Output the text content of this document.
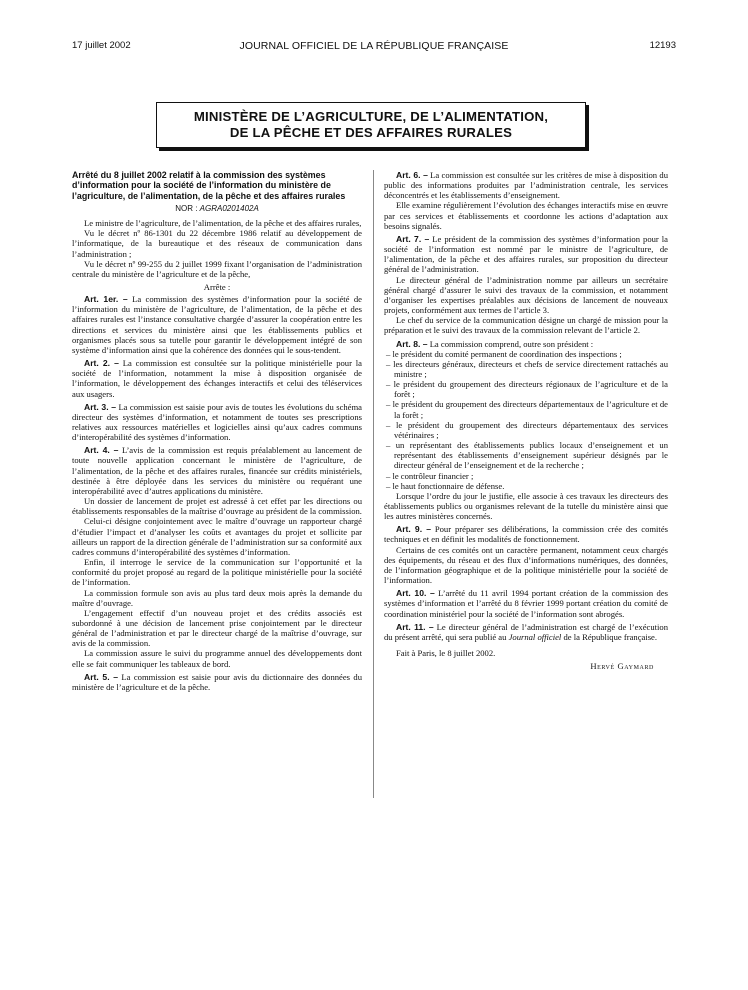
17 juillet 2002	JOURNAL OFFICIEL DE LA RÉPUBLIQUE FRANÇAISE	12193
MINISTÈRE DE L’AGRICULTURE, DE L’ALIMENTATION,
DE LA PÊCHE ET DES AFFAIRES RURALES
Arrêté du 8 juillet 2002 relatif à la commission des systèmes d’information pour la société de l’information du ministère de l’agriculture, de l’alimentation, de la pêche et des affaires rurales
NOR : AGRA0201402A

Le ministre de l’agriculture, de l’alimentation, de la pêche et des affaires rurales,

Vu le décret nº 86-1301 du 22 décembre 1986 relatif au développement de l’informatique, de la bureautique et des réseaux de communication dans l’administration ;

Vu le décret nº 99-255 du 2 juillet 1999 fixant l’organisation de l’administration centrale du ministère de l’agriculture et de la pêche,

Arrête :

Art. 1er. – La commission des systèmes d’information pour la société de l’information du ministère de l’agriculture, de l’alimentation, de la pêche et des affaires rurales est l’instance consultative chargée d’assurer la coopération entre les directions et services du ministère ainsi que les établissements publics et organismes placés sous sa tutelle pour garantir le développement intégré de son système d’information ainsi que la cohérence des données qui le sous-tendent.

Art. 2. – La commission est consultée sur la politique ministérielle pour la société de l’information, notamment la mise à disposition organisée de l’information, le développement des échanges interactifs et celui des téléservices aux usagers.

Art. 3. – La commission est saisie pour avis de toutes les évolutions du schéma directeur des systèmes d’information, et notamment de toutes ses prescriptions relatives aux ressources matérielles et logicielles ainsi qu’aux cadres communs d’interopérabilité des systèmes d’information.

Art. 4. – L’avis de la commission est requis préalablement au lancement de toute nouvelle application concernant le ministère de l’agriculture, de l’alimentation, de la pêche et des affaires rurales, financée sur crédits ministériels, destinée à être déployée dans les services du ministère ou requérant une interopérabilité avec d’autres applications du ministère.

Un dossier de lancement de projet est adressé à cet effet par les directions ou établissements responsables de la maîtrise d’ouvrage au président de la commission.

Celui-ci désigne conjointement avec le maître d’ouvrage un rapporteur chargé d’étudier l’impact et d’analyser les coûts et avantages du projet et sollicite par ailleurs un rapport de la direction générale de l’administration sur sa conformité aux cadres communs d’interopérabilité des systèmes d’information.

Enfin, il interroge le service de la communication sur l’opportunité et la conformité du projet proposé au regard de la politique ministérielle pour la société de l’information.

La commission formule son avis au plus tard deux mois après la demande du maître d’ouvrage.

L’engagement effectif d’un nouveau projet et des crédits associés est subordonné à une décision de lancement prise conjointement par le directeur général de l’administration et par le directeur chargé de la maîtrise d’ouvrage, sur avis de la commission.

La commission assure le suivi du programme annuel des développements dont elle se fait communiquer les tableaux de bord.

Art. 5. – La commission est saisie pour avis du dictionnaire des données du ministère de l’agriculture et de la pêche.

Art. 6. – La commission est consultée sur les critères de mise à disposition du public des informations produites par l’administration centrale, les services déconcentrés et les établissements d’enseignement.

Elle examine régulièrement l’évolution des échanges interactifs mise en œuvre par ces services et établissements et coordonne les actions d’adaptation aux besoins signalés.

Art. 7. – Le président de la commission des systèmes d’information pour la société de l’information est nommé par le ministre de l’agriculture, de l’alimentation, de la pêche et des affaires rurales, sur proposition du directeur général de l’administration.

Le directeur général de l’administration nomme par ailleurs un secrétaire général chargé d’assurer le suivi des travaux de la commission, et notamment d’organiser les expertises préalables aux décisions de lancement de nouveaux projets, conformément aux termes de l’article 3.

Le chef du service de la communication désigne un chargé de mission pour la préparation et le suivi des travaux de la commission relevant de l’article 2.

Art. 8. – La commission comprend, outre son président :

– le président du comité permanent de coordination des inspections ;
– les directeurs généraux, directeurs et chefs de service directement rattachés au ministre ;
– le président du groupement des directeurs régionaux de l’agriculture et de la forêt ;
– le président du groupement des directeurs départementaux de l’agriculture et de la forêt ;
– le président du groupement des directeurs départementaux des services vétérinaires ;
– un représentant des établissements publics locaux d’enseignement et un représentant des établissements d’enseignement supérieur désignés par le directeur général de l’enseignement et de la recherche ;
– le contrôleur financier ;
– le haut fonctionnaire de défense.

Lorsque l’ordre du jour le justifie, elle associe à ces travaux les directeurs des établissements publics ou organismes relevant de la tutelle du ministère ainsi que les autres ministères concernés.

Art. 9. – Pour préparer ses délibérations, la commission crée des comités techniques et en définit les modalités de fonctionnement.

Certains de ces comités ont un caractère permanent, notamment ceux chargés des équipements, du réseau et des flux d’informations numériques, des données, de l’information géographique et de la politique ministérielle pour la société de l’information.

Art. 10. – L’arrêté du 11 avril 1994 portant création de la commission des systèmes d’information et l’arrêté du 8 février 1999 portant création du comité de coordination ministériel pour la société de l’information sont abrogés.

Art. 11. – Le directeur général de l’administration est chargé de l’exécution du présent arrêté, qui sera publié au Journal officiel de la République française.

Fait à Paris, le 8 juillet 2002.

Hervé Gaymard
